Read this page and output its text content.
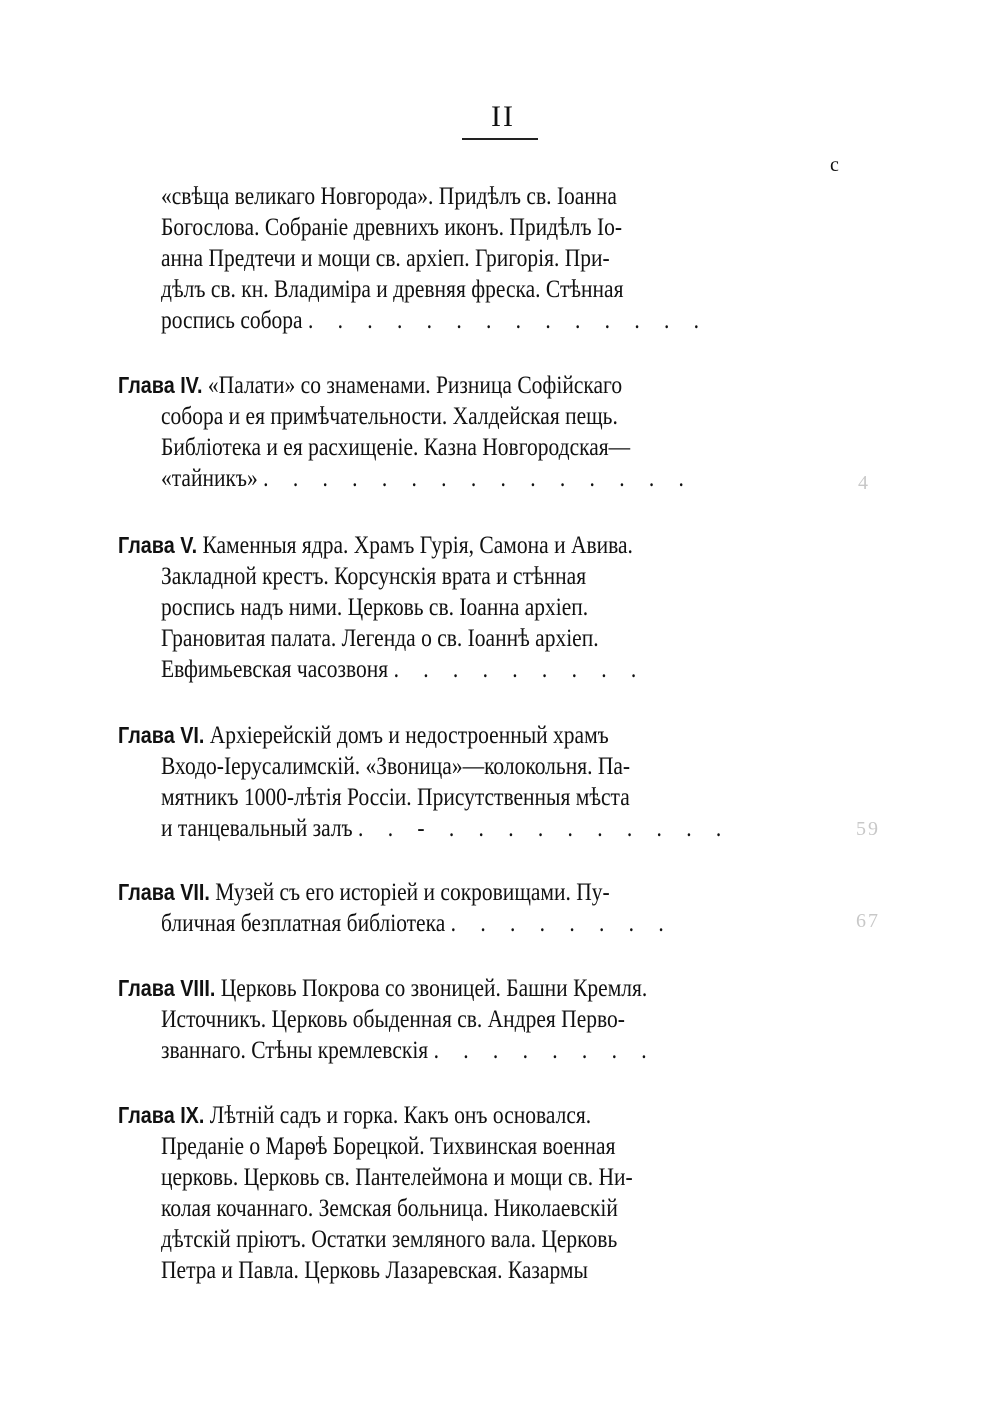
II
с
«свѣща великаго Новгорода». Придѣлъ св. Іоанна
Богослова. Собраніе древнихъ иконъ. Придѣлъ Іо-
анна Предтечи и мощи св. архіеп. Григорія. При-
дѣлъ св. кн. Владиміра и древняя фреска. Стѣнная
роспись собора . . . . . . . . . . . . . .
Глава IV. «Палати» со знаменами. Ризница Софійскаго
собора и ея примѣчательности. Халдейская пещь.
Библіотека и ея расхищеніе. Казна Новгородская—
«тайникъ» . . . . . . . . . . . . . . .	4
Глава V. Каменныя ядра. Храмъ Гурія, Самона и Авива.
Закладной крестъ. Корсунскія врата и стѣнная
роспись надъ ними. Церковь св. Іоанна архіеп.
Грановитая палата. Легенда о св. Іоаннѣ архіеп.
Евфимьевская часозвоня . . . . . . . . .
Глава VI. Архіерейскій домъ и недостроенный храмъ
Входо-Іерусалимскій. «Звоница»—колокольня. Па-
мятникъ 1000-лѣтія Россіи. Присутственныя мѣста
и танцевальный залъ . . - . . . . . . . . . .	59
Глава VII. Музей съ его исторіей и сокровищами. Пу-
бличная безплатная библіотека . . . . . . . .	67
Глава VIII. Церковь Покрова со звоницей. Башни Кремля.
Источникъ. Церковь обыденная св. Андрея Перво-
званнаго. Стѣны кремлевскія . . . . . . . .
Глава IX. Лѣтній садъ и горка. Какъ онъ основался.
Преданіе о Марѳѣ Борецкой. Тихвинская военная
церковь. Церковь св. Пантелеймона и мощи св. Ни-
колая кочаннаго. Земская больница. Николаевскій
дѣтскій пріютъ. Остатки земляного вала. Церковь
Петра и Павла. Церковь Лазаревская. Казармы
